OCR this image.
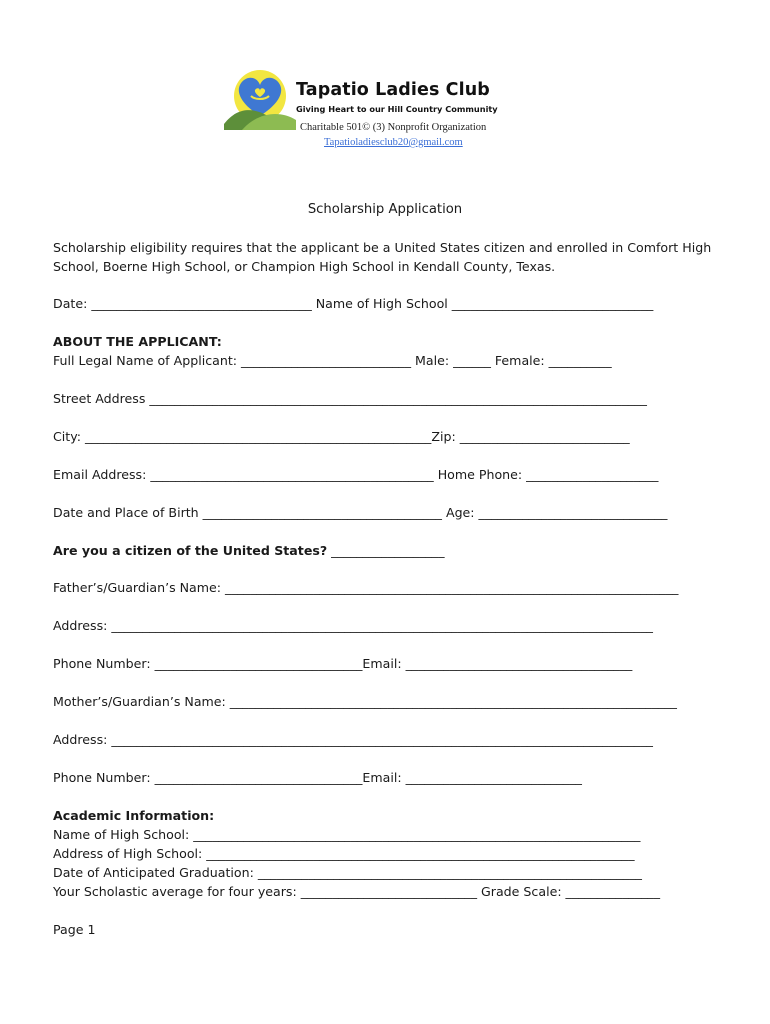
Tapatio Ladies Club
Giving Heart to our Hill Country Community
Charitable 501© (3) Nonprofit Organization
Tapatioladiesclub20@gmail.com
Scholarship Application
Scholarship eligibility requires that the applicant be a United States citizen and enrolled in Comfort High School, Boerne High School, or Champion High School in Kendall County, Texas.
Date: ___________________________________ Name of High School ________________________________
ABOUT THE APPLICANT:
Full Legal Name of Applicant: ___________________________ Male: ______ Female: __________
Street Address _______________________________________________________________________________
City: _______________________________________________________Zip: ___________________________
Email Address: _____________________________________________ Home Phone: _____________________
Date and Place of Birth ______________________________________ Age: ______________________________
Are you a citizen of the United States? __________________
Father’s/Guardian’s Name: ________________________________________________________________________
Address: ______________________________________________________________________________________
Phone Number: _________________________________Email: ____________________________________
Mother’s/Guardian’s Name: _______________________________________________________________________
Address: ______________________________________________________________________________________
Phone Number: _________________________________Email: ____________________________
Academic Information:
Name of High School: _______________________________________________________________________
Address of High School: ____________________________________________________________________
Date of Anticipated Graduation: _____________________________________________________________
Your Scholastic average for four years: ____________________________ Grade Scale: _______________
Page 1
